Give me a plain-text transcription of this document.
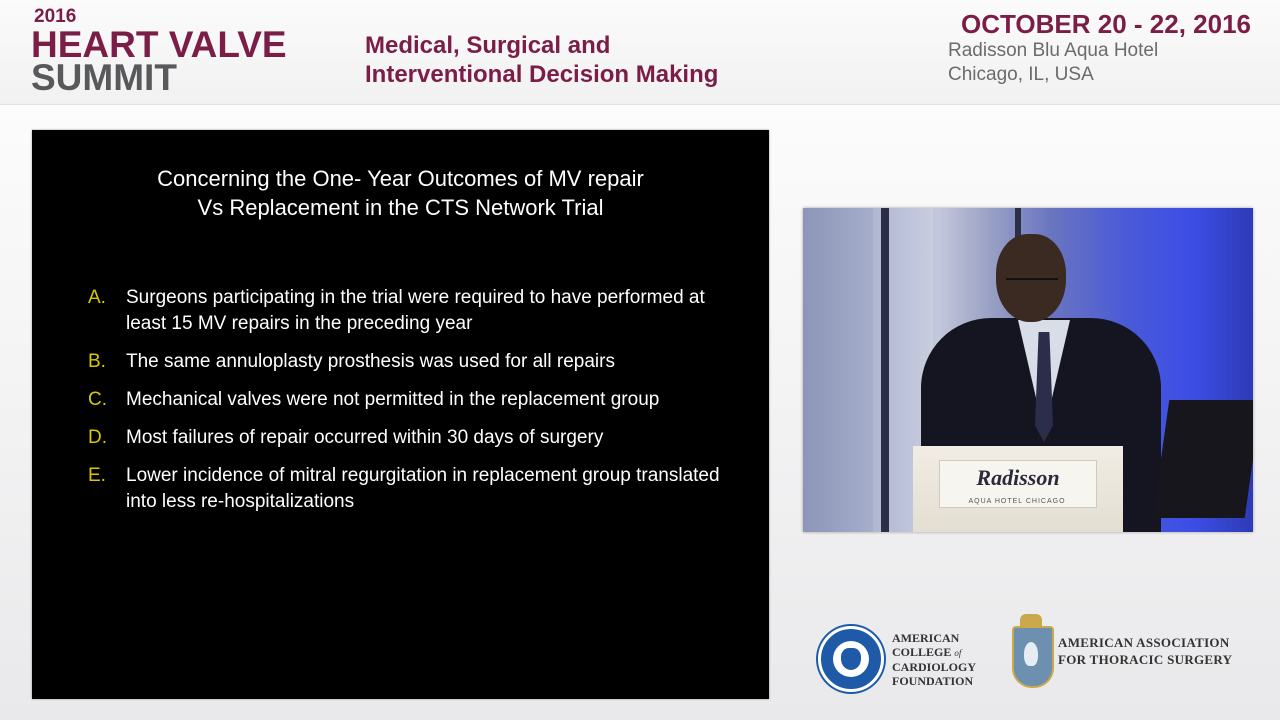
2016
HEART VALVE
SUMMIT
Medical, Surgical and
Interventional Decision Making
OCTOBER 20 - 22, 2016
Radisson Blu Aqua Hotel
Chicago, IL, USA
Concerning the One- Year Outcomes of MV repair
Vs Replacement in the CTS Network Trial
A.	Surgeons participating in the trial were required to have performed at least 15 MV repairs in the preceding year
B.	The same annuloplasty prosthesis was used for all repairs
C.	Mechanical valves were not permitted in the replacement group
D.	Most failures of repair occurred within 30 days of surgery
E.	Lower incidence of mitral regurgitation in replacement group translated into less re-hospitalizations
Radisson
AQUA HOTEL CHICAGO
AMERICAN
COLLEGE of
CARDIOLOGY
FOUNDATION
AMERICAN ASSOCIATION
FOR THORACIC SURGERY
